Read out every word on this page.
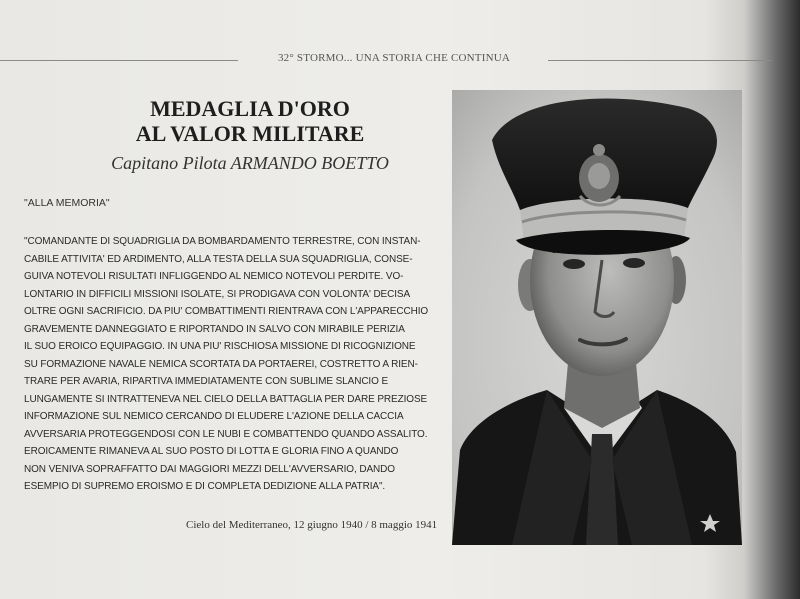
32° STORMO... UNA STORIA CHE CONTINUA
MEDAGLIA D'ORO
AL VALOR MILITARE
Capitano Pilota ARMANDO BOETTO
"ALLA MEMORIA"
"COMANDANTE DI SQUADRIGLIA DA BOMBARDAMENTO TERRESTRE, CON INSTAN-
CABILE ATTIVITA' ED ARDIMENTO, ALLA TESTA DELLA SUA SQUADRIGLIA, CONSE-
GUIVA NOTEVOLI RISULTATI INFLIGGENDO AL NEMICO NOTEVOLI PERDITE. VO-
LONTARIO IN DIFFICILI MISSIONI ISOLATE, SI PRODIGAVA CON VOLONTA' DECISA
OLTRE OGNI SACRIFICIO. DA PIU' COMBATTIMENTI RIENTRAVA CON L'APPARECCHIO
GRAVEMENTE DANNEGGIATO E RIPORTANDO IN SALVO CON MIRABILE PERIZIA
IL SUO EROICO EQUIPAGGIO. IN UNA PIU' RISCHIOSA MISSIONE DI RICOGNIZIONE
SU FORMAZIONE NAVALE NEMICA SCORTATA DA PORTAEREI, COSTRETTO A RIEN-
TRARE PER AVARIA, RIPARTIVA IMMEDIATAMENTE CON SUBLIME SLANCIO E
LUNGAMENTE SI INTRATTENEVA NEL CIELO DELLA BATTAGLIA PER DARE PREZIOSE
INFORMAZIONE SUL NEMICO CERCANDO DI ELUDERE L'AZIONE DELLA CACCIA
AVVERSARIA PROTEGGENDOSI CON LE NUBI E COMBATTENDO QUANDO ASSALITO.
EROICAMENTE RIMANEVA AL SUO POSTO DI LOTTA E GLORIA FINO A QUANDO
NON VENIVA SOPRAFFATTO DAI MAGGIORI MEZZI DELL'AVVERSARIO, DANDO
ESEMPIO DI SUPREMO EROISMO E DI COMPLETA DEDIZIONE ALLA PATRIA".
Cielo del Mediterraneo, 12 giugno 1940 / 8 maggio 1941
